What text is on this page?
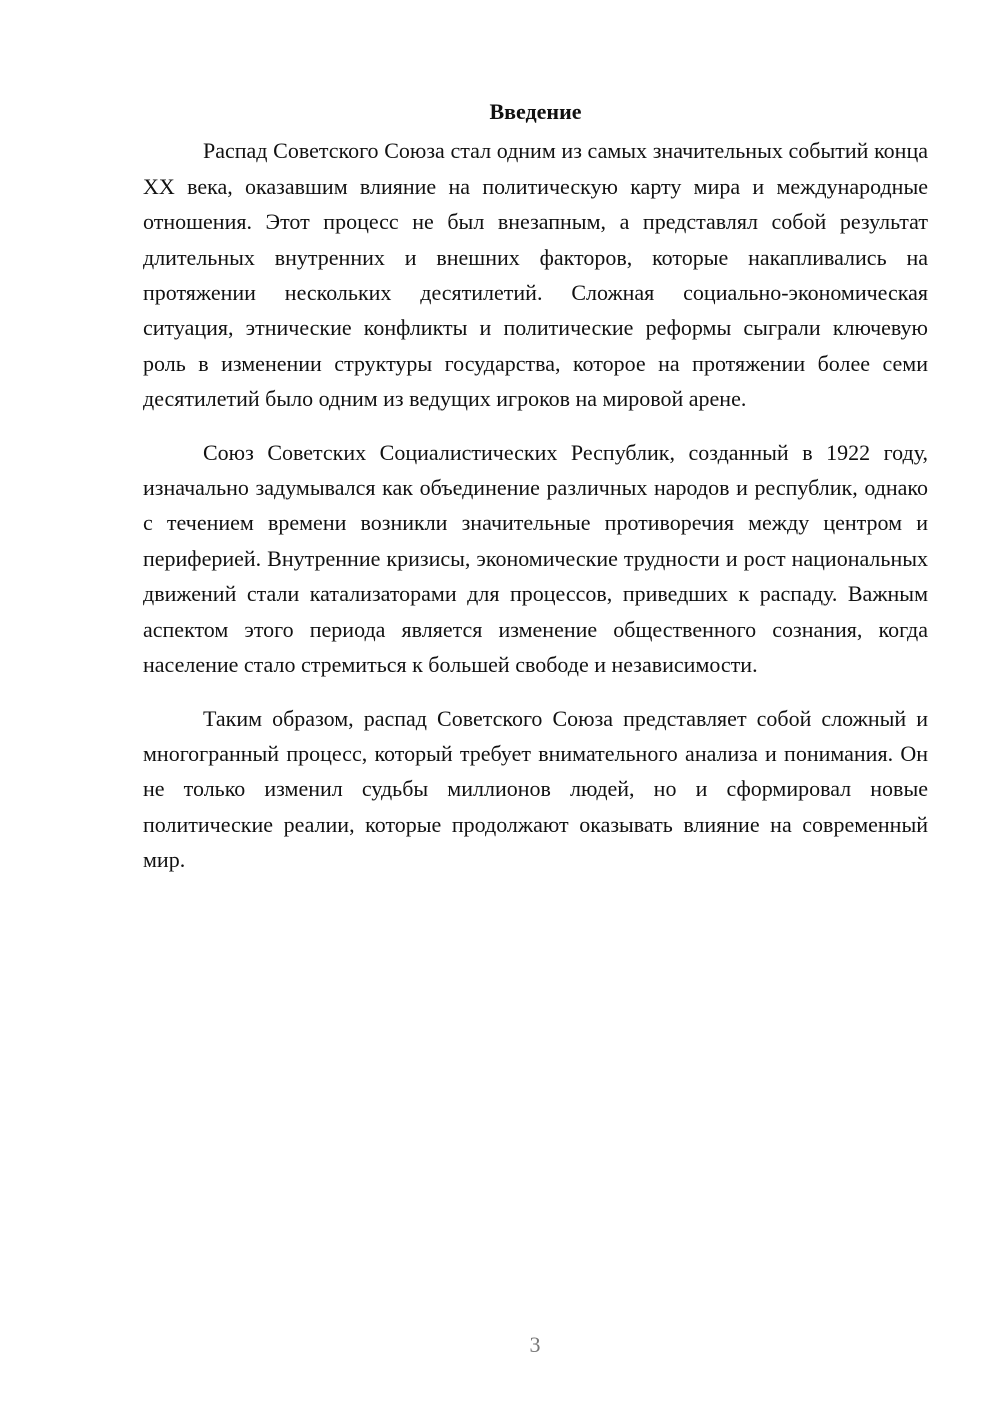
Введение

Распад Советского Союза стал одним из самых значительных событий конца XX века, оказавшим влияние на политическую карту мира и международные отношения. Этот процесс не был внезапным, а представлял собой результат длительных внутренних и внешних факторов, которые накапливались на протяжении нескольких десятилетий. Сложная социально-экономическая ситуация, этнические конфликты и политические реформы сыграли ключевую роль в изменении структуры государства, которое на протяжении более семи десятилетий было одним из ведущих игроков на мировой арене.

Союз Советских Социалистических Республик, созданный в 1922 году, изначально задумывался как объединение различных народов и республик, однако с течением времени возникли значительные противоречия между центром и периферией. Внутренние кризисы, экономические трудности и рост национальных движений стали катализаторами для процессов, приведших к распаду. Важным аспектом этого периода является изменение общественного сознания, когда население стало стремиться к большей свободе и независимости.

Таким образом, распад Советского Союза представляет собой сложный и многогранный процесс, который требует внимательного анализа и понимания. Он не только изменил судьбы миллионов людей, но и сформировал новые политические реалии, которые продолжают оказывать влияние на современный мир.

3
